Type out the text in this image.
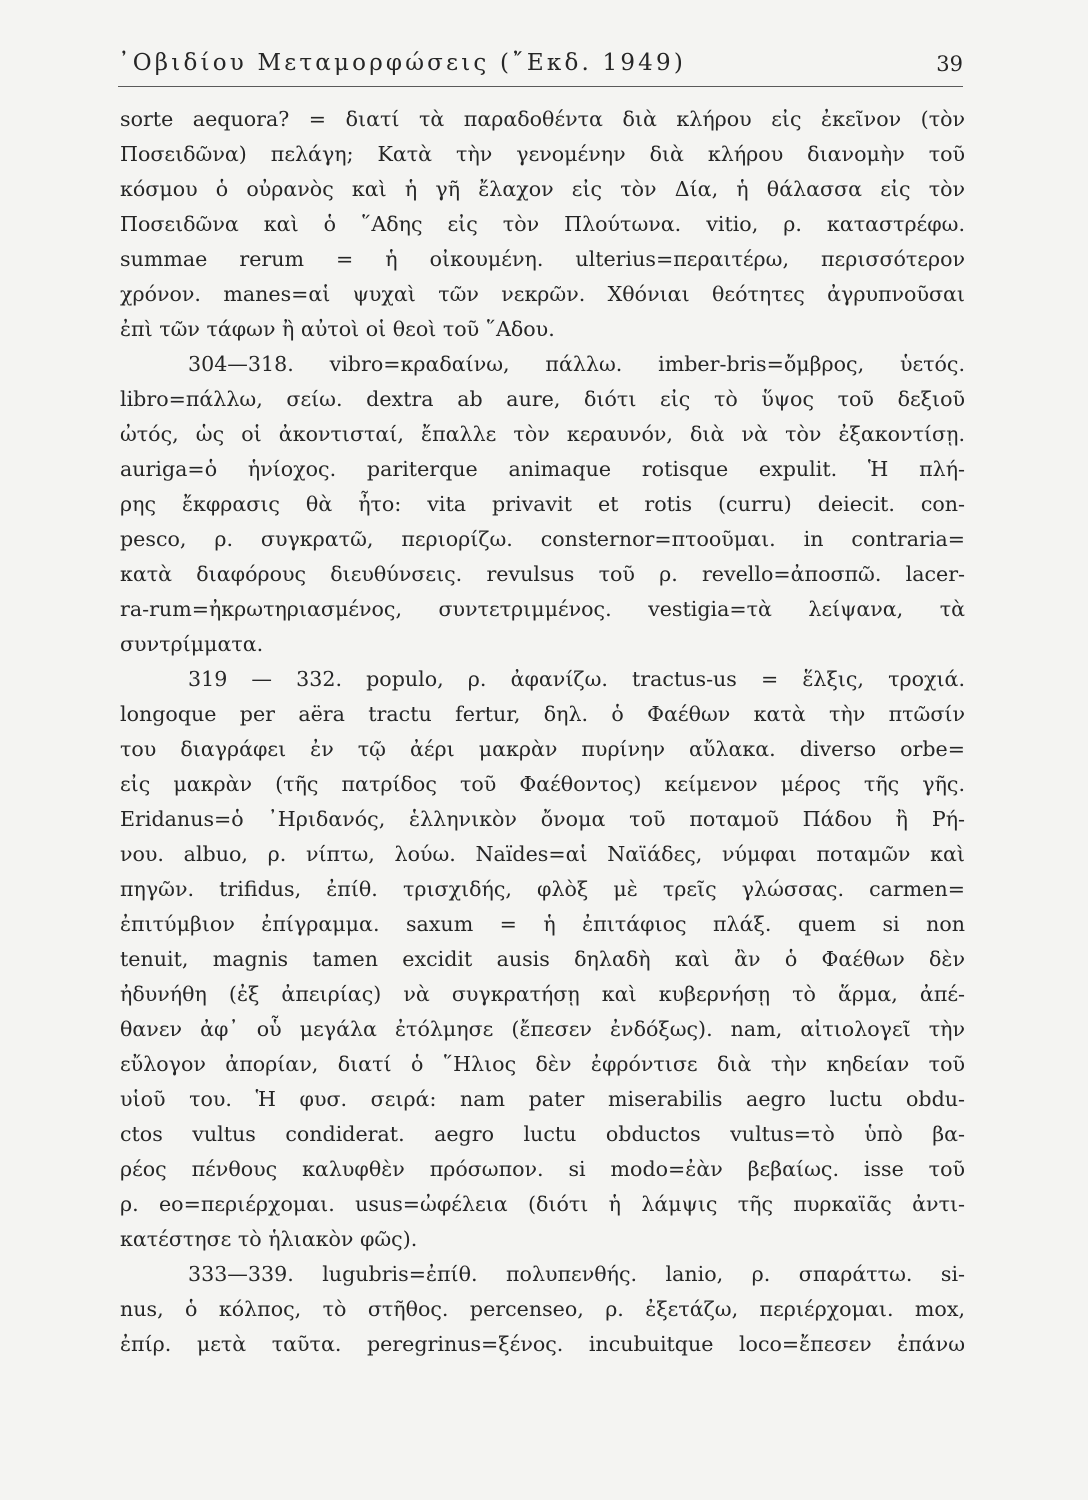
᾿Οβιδίου Μεταμορφώσεις (῎Εκδ. 1949)	39
sorte aequora? = διατί τὰ παραδοθέντα διὰ κλήρου εἰς ἐκεῖνον (τὸν
Ποσειδῶνα) πελάγη; Κατὰ τὴν γενομένην διὰ κλήρου διανομὴν τοῦ
κόσμου ὁ οὐρανὸς καὶ ἡ γῆ ἔλαχον εἰς τὸν Δία, ἡ θάλασσα εἰς τὸν
Ποσειδῶνα καὶ ὁ ῞Αδης εἰς τὸν Πλούτωνα. vitio, ρ. καταστρέφω.
summae rerum = ἡ οἰκουμένη. ulterius=περαιτέρω, περισσότερον
χρόνον. manes=αἱ ψυχαὶ τῶν νεκρῶν. Χθόνιαι θεότητες ἀγρυπνοῦσαι
ἐπὶ τῶν τάφων ἢ αὐτοὶ οἱ θεοὶ τοῦ ῞Αδου.
304—318. vibro=κραδαίνω, πάλλω. imber-bris=ὄμβρος, ὑετός.
libro=πάλλω, σείω. dextra ab aure, διότι εἰς τὸ ὕψος τοῦ δεξιοῦ
ὠτός, ὡς οἱ ἀκοντισταί, ἔπαλλε τὸν κεραυνόν, διὰ νὰ τὸν ἐξακοντίσῃ.
auriga=ὁ ἡνίοχος. pariterque animaque rotisque expulit. Ἡ πλή-
ρης ἔκφρασις θὰ ἦτο: vita privavit et rotis (curru) deiecit. con-
pesco, ρ. συγκρατῶ, περιορίζω. consternor=πτοοῦμαι. in contraria=
κατὰ διαφόρους διευθύνσεις. revulsus τοῦ ρ. revello=ἀποσπῶ. lacer-
ra-rum=ἠκρωτηριασμένος, συντετριμμένος. vestigia=τὰ λείψανα, τὰ
συντρίμματα.
319 — 332. populo, ρ. ἀφανίζω. tractus-us = ἕλξις, τροχιά.
longoque per aëra tractu fertur, δηλ. ὁ Φαέθων κατὰ τὴν πτῶσίν
του διαγράφει ἐν τῷ ἀέρι μακρὰν πυρίνην αὔλακα. diverso orbe=
εἰς μακρὰν (τῆς πατρίδος τοῦ Φαέθοντος) κείμενον μέρος τῆς γῆς.
Eridanus=ὁ ᾿Ηριδανός, ἑλληνικὸν ὄνομα τοῦ ποταμοῦ Πάδου ἢ Ρή-
νου. albuo, ρ. νίπτω, λούω. Naïdes=αἱ Ναϊάδες, νύμφαι ποταμῶν καὶ
πηγῶν. trifidus, ἐπίθ. τρισχιδής, φλὸξ μὲ τρεῖς γλώσσας. carmen=
ἐπιτύμβιον ἐπίγραμμα. saxum = ἡ ἐπιτάφιος πλάξ. quem si non
tenuit, magnis tamen excidit ausis δηλαδὴ καὶ ἂν ὁ Φαέθων δὲν
ἠδυνήθη (ἐξ ἀπειρίας) νὰ συγκρατήσῃ καὶ κυβερνήσῃ τὸ ἅρμα, ἀπέ-
θανεν ἀφ᾿ οὗ μεγάλα ἐτόλμησε (ἔπεσεν ἐνδόξως). nam, αἰτιολογεῖ τὴν
εὔλογον ἀπορίαν, διατί ὁ ῞Ηλιος δὲν ἐφρόντισε διὰ τὴν κηδείαν τοῦ
υἱοῦ του. Ἡ φυσ. σειρά: nam pater miserabilis aegro luctu obdu-
ctos vultus condiderat. aegro luctu obductos vultus=τὸ ὑπὸ βα-
ρέος πένθους καλυφθὲν πρόσωπον. si modo=ἐὰν βεβαίως. isse τοῦ
ρ. eo=περιέρχομαι. usus=ὠφέλεια (διότι ἡ λάμψις τῆς πυρκαϊᾶς ἀντι-
κατέστησε τὸ ἡλιακὸν φῶς).
333—339. lugubris=ἐπίθ. πολυπενθής. lanio, ρ. σπαράττω. si-
nus, ὁ κόλπος, τὸ στῆθος. percenseo, ρ. ἐξετάζω, περιέρχομαι. mox,
ἐπίρ. μετὰ ταῦτα. peregrinus=ξένος. incubuitque loco=ἔπεσεν ἐπάνω
